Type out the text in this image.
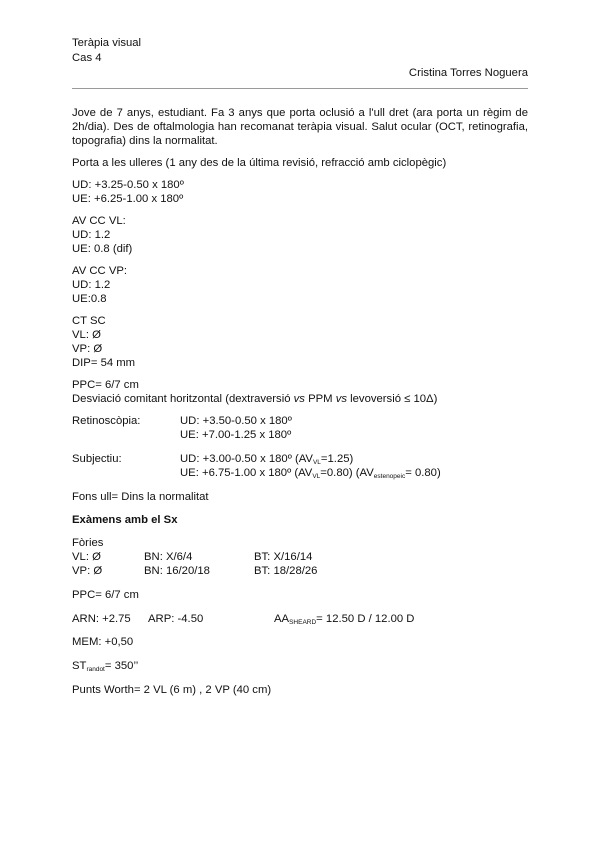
Teràpia visual
Cas 4
Cristina Torres Noguera

Jove de 7 anys, estudiant. Fa 3 anys que porta oclusió a l'ull dret (ara porta un règim de 2h/dia). Des de oftalmologia han recomanat teràpia visual. Salut ocular (OCT, retinografia, topografia) dins la normalitat.

Porta a les ulleres (1 any des de la última revisió, refracció amb ciclopègic)
UD: +3.25-0.50 x 180º
UE: +6.25-1.00 x 180º
AV CC VL:
UD: 1.2
UE: 0.8 (dif)
AV CC VP:
UD: 1.2
UE:0.8
CT SC
VL: Ø
VP: Ø
DIP= 54 mm
PPC= 6/7 cm
Desviació comitant horitzontal (dextraversió vs PPM vs levoversió ≤ 10Δ)
Retinoscòpia:	UD: +3.50-0.50 x 180º
UE: +7.00-1.25 x 180º
Subjectiu:	UD: +3.00-0.50 x 180º $(AV_{VL}=1.25)$
UE: +6.75-1.00 x 180º $(AV_{VL}=0.80)$ $(AV_{estenopeic}= 0.80)$
Fons ull= Dins la normalitat
Exàmens amb el Sx
Fòries
VL: Ø	BN: X/6/4	BT: X/16/14
VP: Ø	BN: 16/20/18	BT: 18/28/26
PPC= 6/7 cm
ARN: +2.75	ARP: -4.50	$AA_{SHEARD}= 12.50$ D / 12.00 D
MEM: +0,50
$ST_{randot}= 350$’’
Punts Worth= 2 VL (6 m) , 2 VP (40 cm)
